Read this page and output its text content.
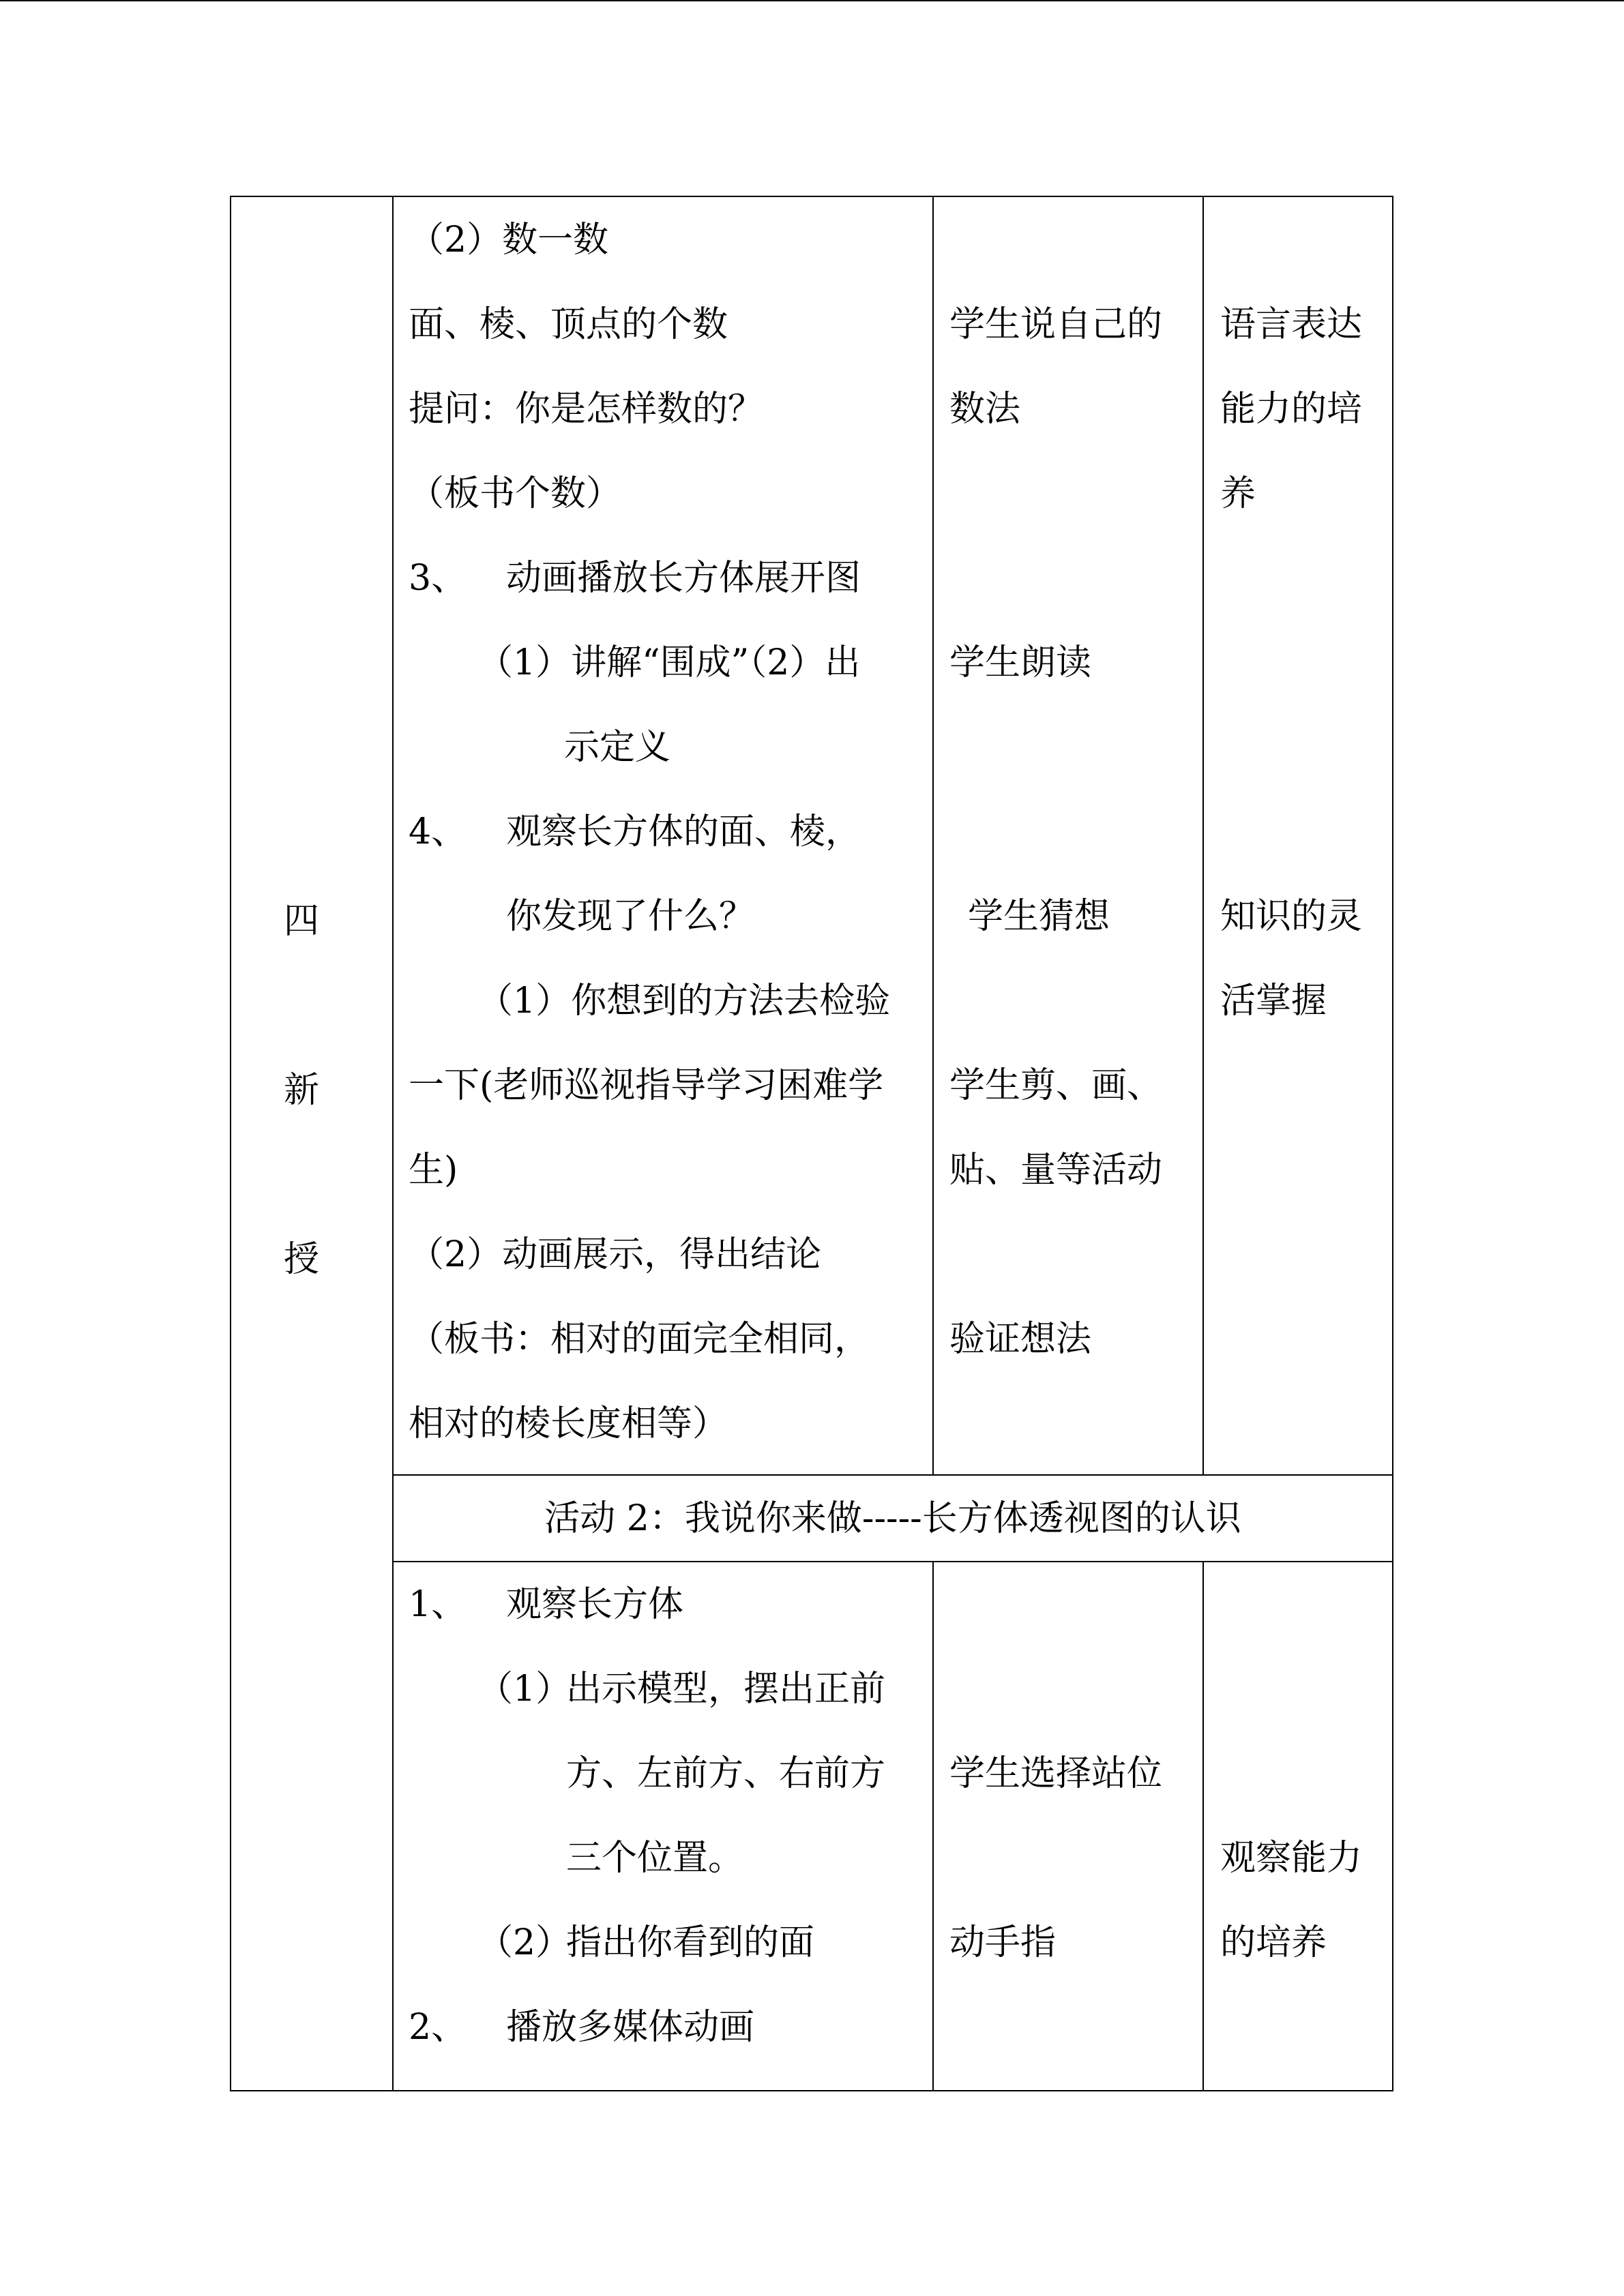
四
新
授
（2）数一数
面、棱、顶点的个数
提问：你是怎样数的？
（板书个数）
3、 动画播放长方体展开图
（1）讲解“围成”（2）出
示定义
4、 观察长方体的面、棱，
你发现了什么？
（1）你想到的方法去检验
一下(老师巡视指导学习困难学
生)
（2）动画展示，得出结论
（板书：相对的面完全相同，
相对的棱长度相等）
学生说自己的
数法
学生朗读
学生猜想
学生剪、画、
贴、量等活动
验证想法
语言表达
能力的培
养
知识的灵
活掌握
活动 2：我说你来做-----长方体透视图的认识
1、 观察长方体
（1）
出示模型，摆出正前
方、左前方、右前方
三个位置。
（2）
指出你看到的面
2、 播放多媒体动画
学生选择站位
动手指
观察能力
的培养
